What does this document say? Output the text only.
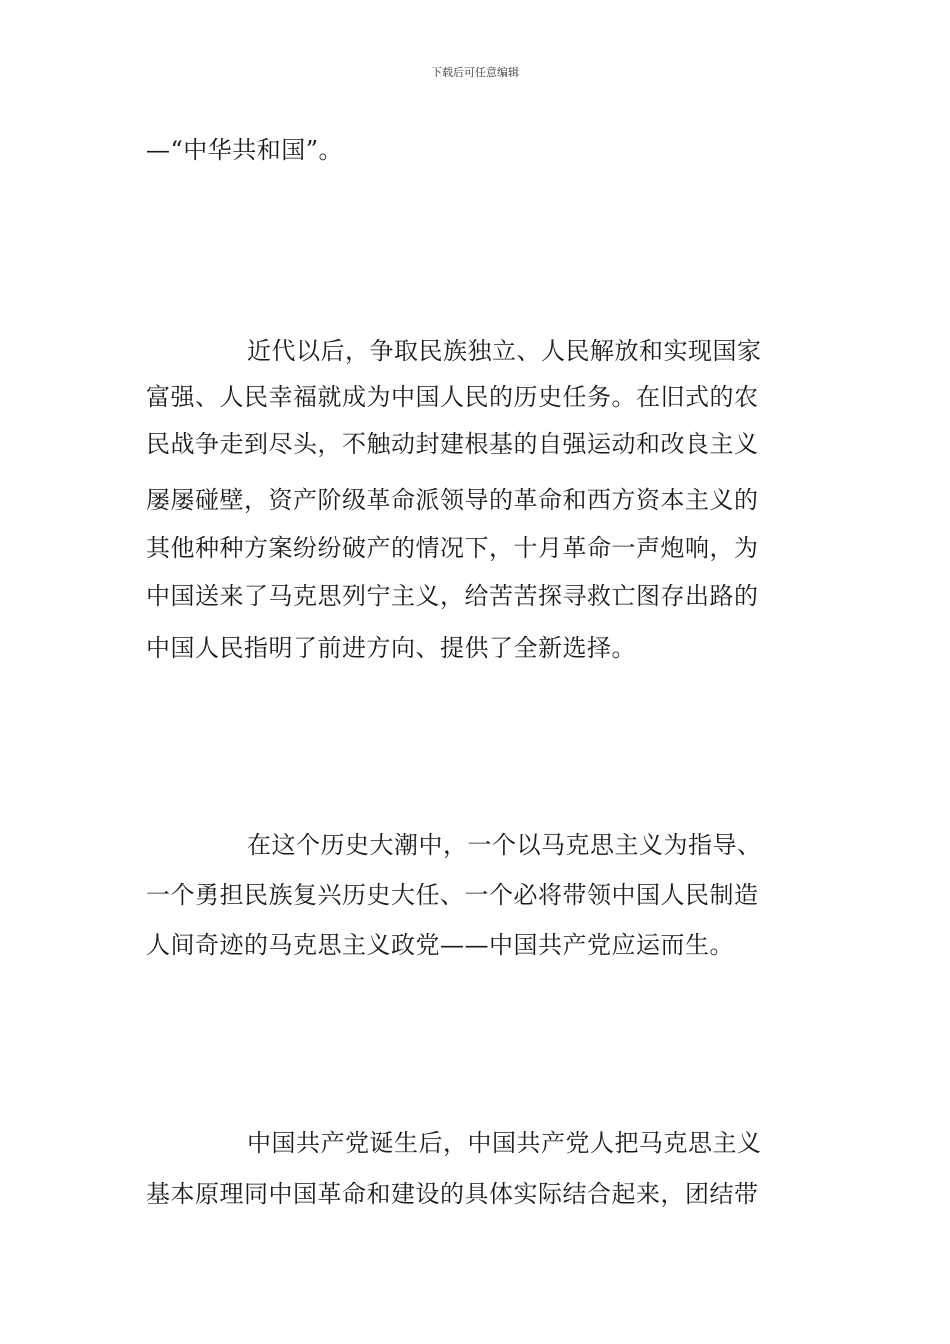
下载后可任意编辑
—“中华共和国”。
近代以后，争取民族独立、人民解放和实现国家
富强、人民幸福就成为中国人民的历史任务。在旧式的农
民战争走到尽头，不触动封建根基的自强运动和改良主义
屡屡碰壁，资产阶级革命派领导的革命和西方资本主义的
其他种种方案纷纷破产的情况下，十月革命一声炮响，为
中国送来了马克思列宁主义，给苦苦探寻救亡图存出路的
中国人民指明了前进方向、提供了全新选择。
在这个历史大潮中，一个以马克思主义为指导、
一个勇担民族复兴历史大任、一个必将带领中国人民制造
人间奇迹的马克思主义政党——中国共产党应运而生。
中国共产党诞生后，中国共产党人把马克思主义
基本原理同中国革命和建设的具体实际结合起来，团结带
